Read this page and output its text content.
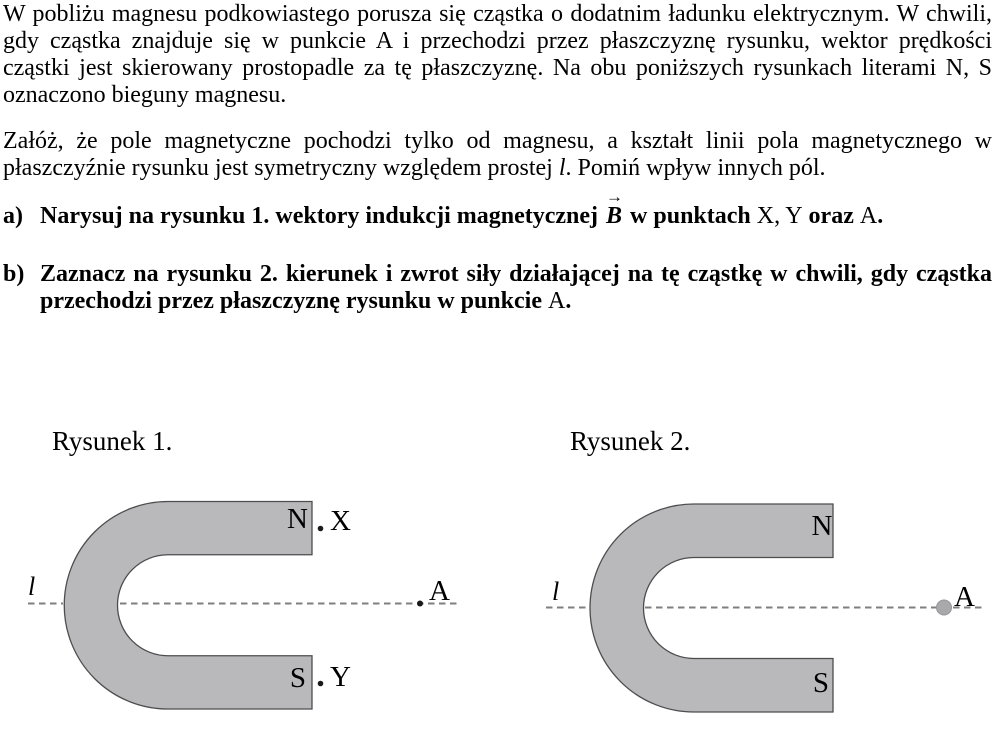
W pobliżu magnesu podkowiastego porusza się cząstka o dodatnim ładunku elektrycznym. W chwili, gdy cząstka znajduje się w punkcie A i przechodzi przez płaszczyznę rysunku, wektor prędkości cząstki jest skierowany prostopadle za tę płaszczyznę. Na obu poniższych rysunkach literami N, S oznaczono bieguny magnesu.

Załóż, że pole magnetyczne pochodzi tylko od magnesu, a kształt linii pola magnetycznego w płaszczyźnie rysunku jest symetryczny względem prostej l. Pomiń wpływ innych pól.

a) Narysuj na rysunku 1. wektory indukcji magnetycznej
→
B w punktach X, Y oraz A.
b) Zaznacz na rysunku 2. kierunek i zwrot siły działającej na tę cząstkę w chwili, gdy cząstka przechodzi przez płaszczyznę rysunku w punkcie A.
Rysunek 1.
l
N
S
X
Y
A
Rysunek 2.
l
N
S
A
